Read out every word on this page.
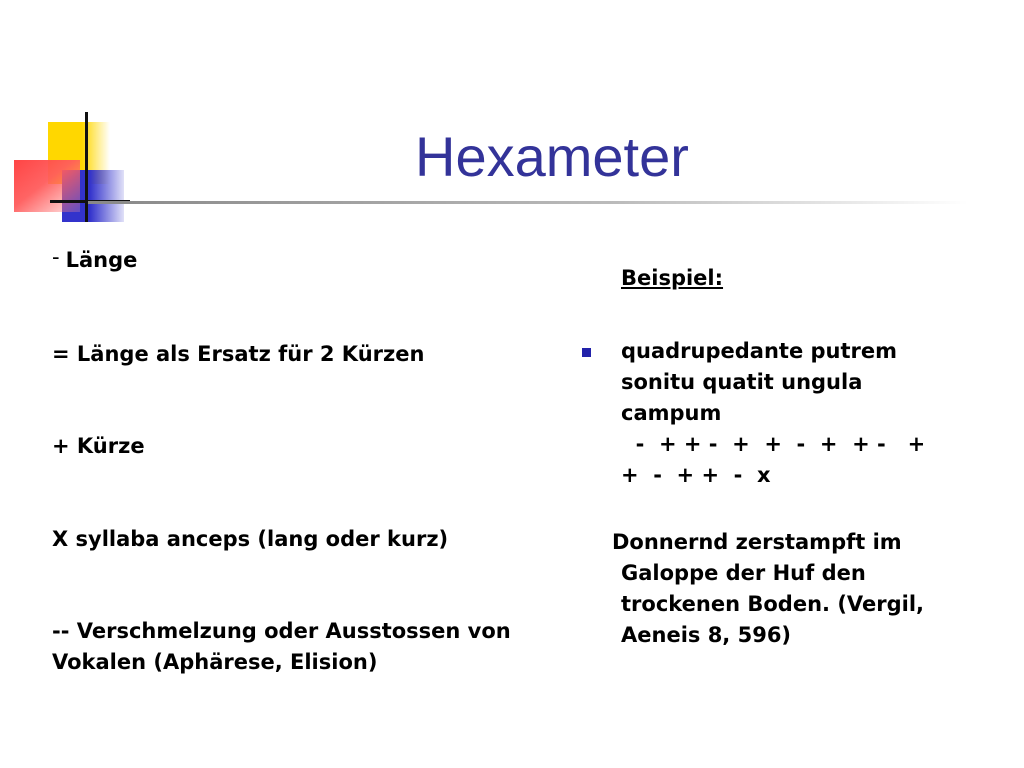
Hexameter
- Länge
= Länge als Ersatz für 2 Kürzen
+ Kürze
X syllaba anceps (lang oder kurz)
-- Verschmelzung oder Ausstossen von
Vokalen (Aphärese, Elision)
Beispiel:
quadrupedante putrem
sonitu quatit ungula
campum
-  + + -  +  +  -  +  + -   +
+  -  + +  -  x
Donnernd zerstampft im
Galoppe der Huf den
trockenen Boden. (Vergil,
Aeneis 8, 596)
